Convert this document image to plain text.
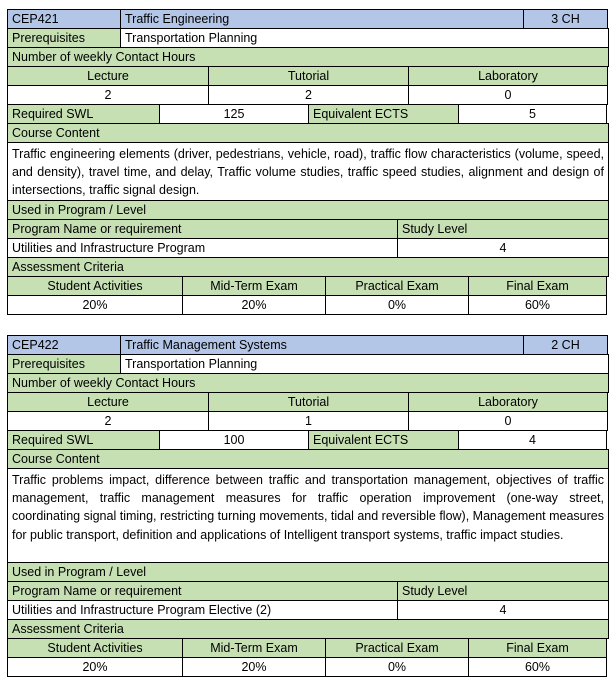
CEP421	Traffic Engineering	3 CH
Prerequisites	Transportation Planning
Number of weekly Contact Hours
Lecture	Tutorial	Laboratory
2	2	0
Required SWL	125	Equivalent ECTS	5
Course Content
Traffic engineering elements (driver, pedestrians, vehicle, road), traffic flow characteristics (volume, speed, and density), travel time, and delay, Traffic volume studies, traffic speed studies, alignment and design of intersections, traffic signal design.
Used in Program / Level
Program Name or requirement	Study Level
Utilities and Infrastructure Program	4
Assessment Criteria
Student Activities	Mid-Term Exam	Practical Exam	Final Exam
20%	20%	0%	60%
CEP422	Traffic Management Systems	2 CH
Prerequisites	Transportation Planning
Number of weekly Contact Hours
Lecture	Tutorial	Laboratory
2	1	0
Required SWL	100	Equivalent ECTS	4
Course Content
Traffic problems impact, difference between traffic and transportation management, objectives of traffic management, traffic management measures for traffic operation improvement (one-way street, coordinating signal timing, restricting turning movements, tidal and reversible flow), Management measures for public transport, definition and applications of Intelligent transport systems, traffic impact studies.
Used in Program / Level
Program Name or requirement	Study Level
Utilities and Infrastructure Program Elective (2)	4
Assessment Criteria
Student Activities	Mid-Term Exam	Practical Exam	Final Exam
20%	20%	0%	60%
